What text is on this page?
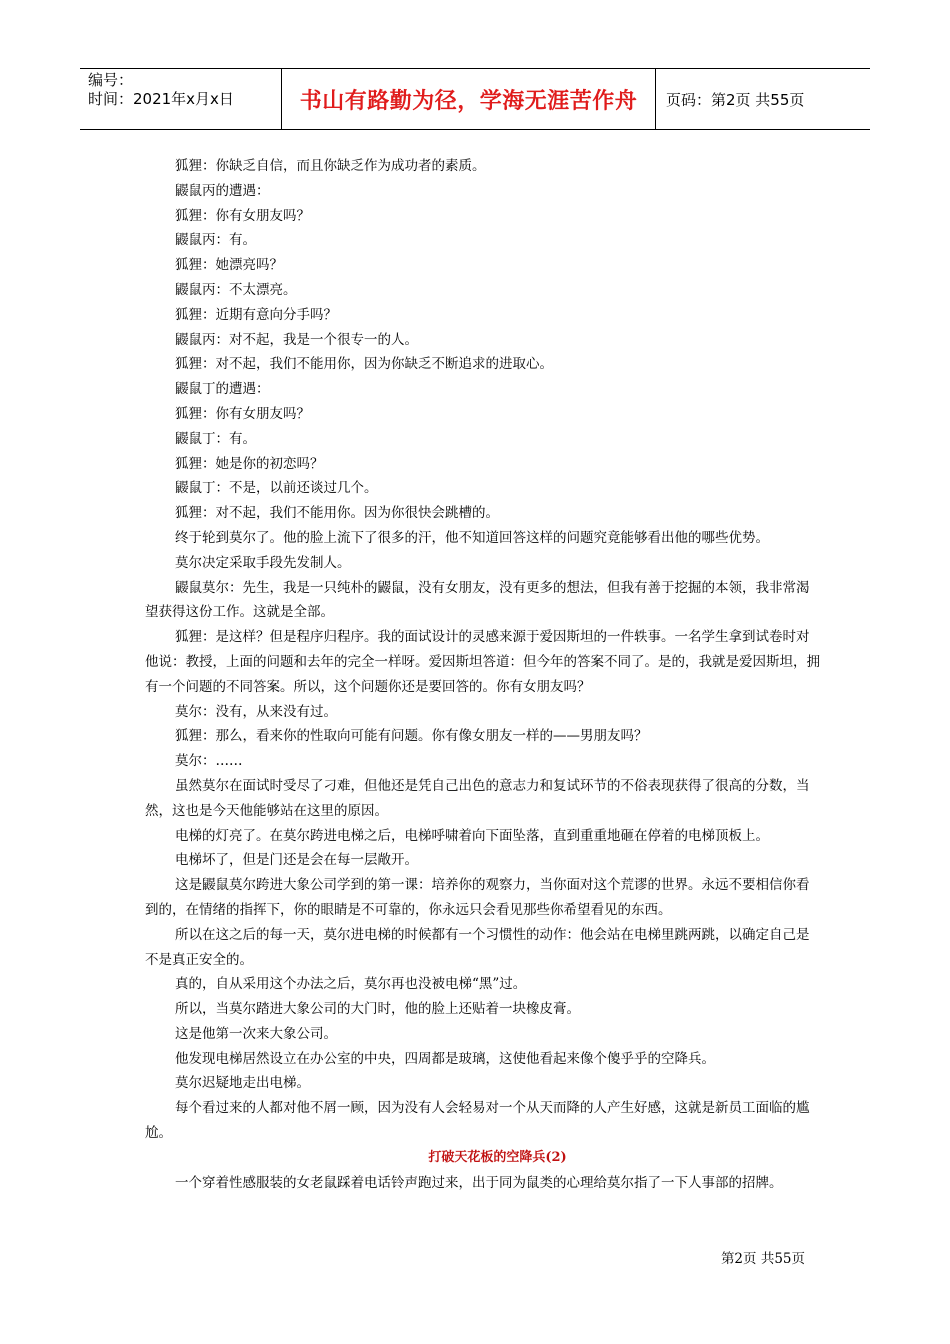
编号：
时间：2021年x月x日	书山有路勤为径，学海无涯苦作舟 页码：第2页 共55页

狐狸：你缺乏自信，而且你缺乏作为成功者的素质。

鼹鼠丙的遭遇：

狐狸：你有女朋友吗？

鼹鼠丙：有。

狐狸：她漂亮吗？

鼹鼠丙：不太漂亮。

狐狸：近期有意向分手吗？

鼹鼠丙：对不起，我是一个很专一的人。

狐狸：对不起，我们不能用你，因为你缺乏不断追求的进取心。

鼹鼠丁的遭遇：

狐狸：你有女朋友吗？

鼹鼠丁：有。

狐狸：她是你的初恋吗？

鼹鼠丁：不是，以前还谈过几个。

狐狸：对不起，我们不能用你。因为你很快会跳槽的。

终于轮到莫尔了。他的脸上流下了很多的汗，他不知道回答这样的问题究竟能够看出他的哪些优势。

莫尔决定采取手段先发制人。

鼹鼠莫尔：先生，我是一只纯朴的鼹鼠，没有女朋友，没有更多的想法，但我有善于挖掘的本领，我非常渴望获得这份工作。这就是全部。

狐狸：是这样？但是程序归程序。我的面试设计的灵感来源于爱因斯坦的一件轶事。一名学生拿到试卷时对他说：教授，上面的问题和去年的完全一样呀。爱因斯坦答道：但今年的答案不同了。是的，我就是爱因斯坦，拥有一个问题的不同答案。所以，这个问题你还是要回答的。你有女朋友吗？

莫尔：没有，从来没有过。

狐狸：那么，看来你的性取向可能有问题。你有像女朋友一样的——男朋友吗？

莫尔：……

虽然莫尔在面试时受尽了刁难，但他还是凭自己出色的意志力和复试环节的不俗表现获得了很高的分数，当然，这也是今天他能够站在这里的原因。

电梯的灯亮了。在莫尔跨进电梯之后，电梯呼啸着向下面坠落，直到重重地砸在停着的电梯顶板上。

电梯坏了，但是门还是会在每一层敞开。

这是鼹鼠莫尔跨进大象公司学到的第一课：培养你的观察力，当你面对这个荒谬的世界。永远不要相信你看到的，在情绪的指挥下，你的眼睛是不可靠的，你永远只会看见那些你希望看见的东西。

所以在这之后的每一天，莫尔进电梯的时候都有一个习惯性的动作：他会站在电梯里跳两跳，以确定自己是不是真正安全的。

真的，自从采用这个办法之后，莫尔再也没被电梯“黑”过。

所以，当莫尔踏进大象公司的大门时，他的脸上还贴着一块橡皮膏。

这是他第一次来大象公司。

他发现电梯居然设立在办公室的中央，四周都是玻璃，这使他看起来像个傻乎乎的空降兵。

莫尔迟疑地走出电梯。

每个看过来的人都对他不屑一顾，因为没有人会轻易对一个从天而降的人产生好感，这就是新员工面临的尴尬。

打破天花板的空降兵(2)

一个穿着性感服装的女老鼠踩着电话铃声跑过来，出于同为鼠类的心理给莫尔指了一下人事部的招牌。

第2页 共55页
